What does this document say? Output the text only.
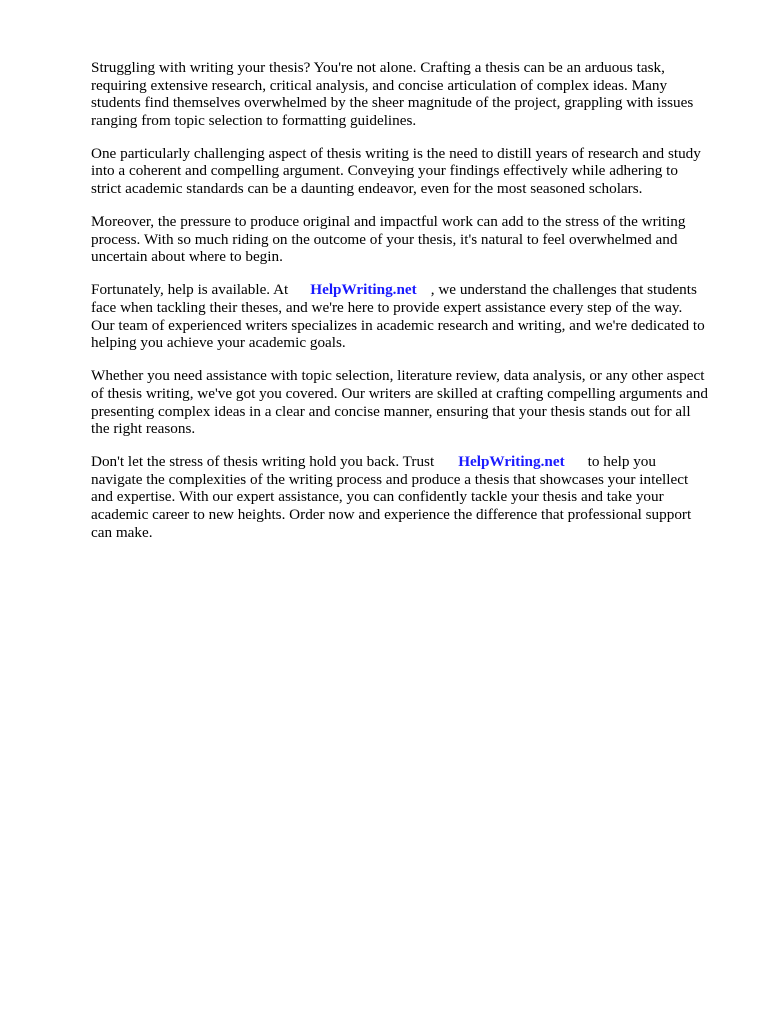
Struggling with writing your thesis? You're not alone. Crafting a thesis can be an arduous task,
requiring extensive research, critical analysis, and concise articulation of complex ideas. Many
students find themselves overwhelmed by the sheer magnitude of the project, grappling with issues
ranging from topic selection to formatting guidelines.

One particularly challenging aspect of thesis writing is the need to distill years of research and study
into a coherent and compelling argument. Conveying your findings effectively while adhering to
strict academic standards can be a daunting endeavor, even for the most seasoned scholars.

Moreover, the pressure to produce original and impactful work can add to the stress of the writing
process. With so much riding on the outcome of your thesis, it's natural to feel overwhelmed and
uncertain about where to begin.

Fortunately, help is available. At HelpWriting.net , we understand the challenges that students
face when tackling their theses, and we're here to provide expert assistance every step of the way.
Our team of experienced writers specializes in academic research and writing, and we're dedicated to
helping you achieve your academic goals.

Whether you need assistance with topic selection, literature review, data analysis, or any other aspect
of thesis writing, we've got you covered. Our writers are skilled at crafting compelling arguments and
presenting complex ideas in a clear and concise manner, ensuring that your thesis stands out for all
the right reasons.

Don't let the stress of thesis writing hold you back. Trust HelpWriting.net to help you
navigate the complexities of the writing process and produce a thesis that showcases your intellect
and expertise. With our expert assistance, you can confidently tackle your thesis and take your
academic career to new heights. Order now and experience the difference that professional support
can make.
